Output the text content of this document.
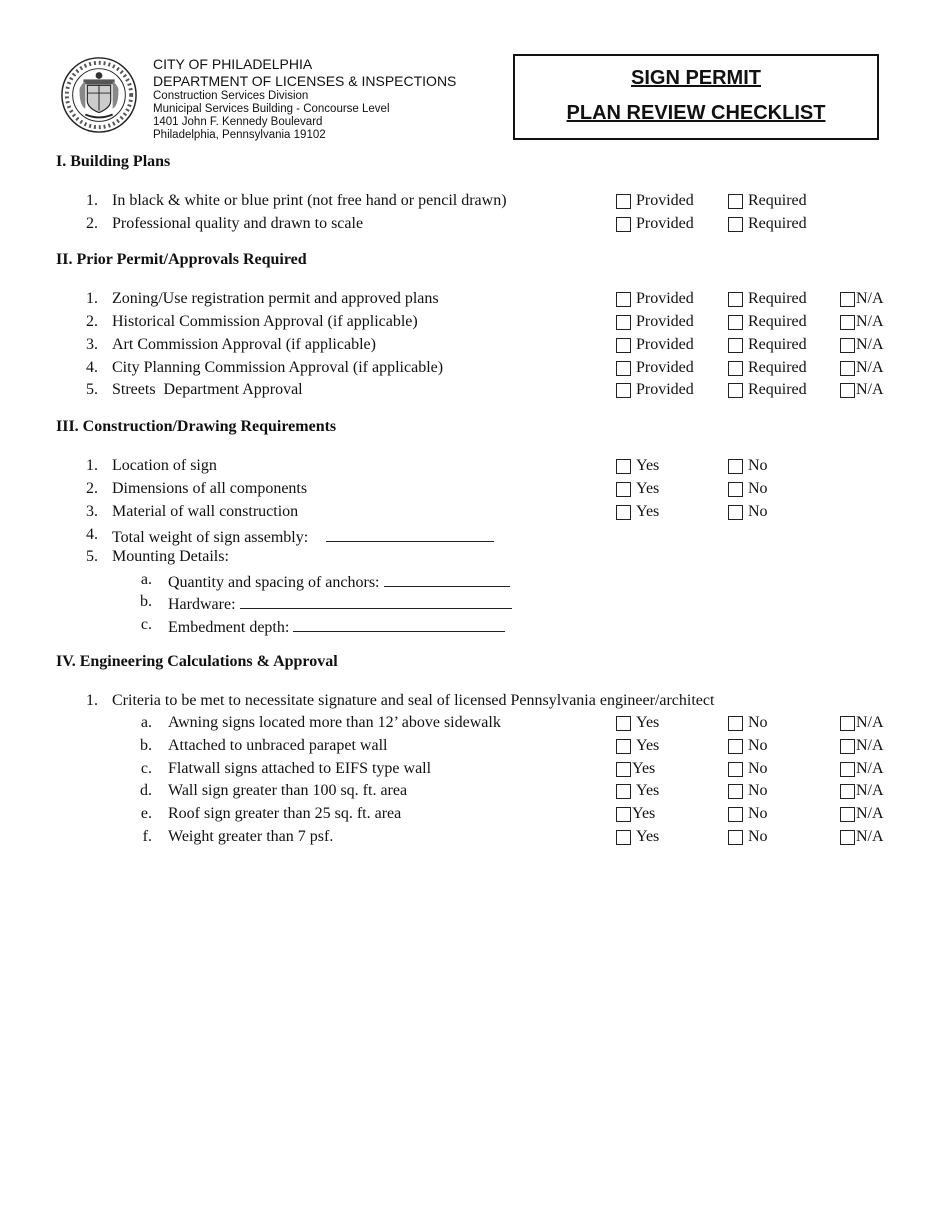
CITY OF PHILADELPHIA
DEPARTMENT OF LICENSES & INSPECTIONS
Construction Services Division
Municipal Services Building - Concourse Level
1401 John F. Kennedy Boulevard
Philadelphia, Pennsylvania 19102
SIGN PERMIT
PLAN REVIEW CHECKLIST
I. Building Plans
1. In black & white or blue print (not free hand or pencil drawn)	Provided	Required
2. Professional quality and drawn to scale	Provided	Required
II. Prior Permit/Approvals Required
1. Zoning/Use registration permit and approved plans	Provided	Required	N/A
2. Historical Commission Approval (if applicable)	Provided	Required	N/A
3. Art Commission Approval (if applicable)	Provided	Required	N/A
4. City Planning Commission Approval (if applicable)	Provided	Required	N/A
5. Streets  Department Approval	Provided	Required	N/A
III. Construction/Drawing Requirements
1. Location of sign	Yes	No
2. Dimensions of all components	Yes	No
3. Material of wall construction	Yes	No
4. Total weight of sign assembly:
5. Mounting Details:
a. Quantity and spacing of anchors:
b. Hardware:
c. Embedment depth:
IV. Engineering Calculations & Approval
1. Criteria to be met to necessitate signature and seal of licensed Pennsylvania engineer/architect
a. Awning signs located more than 12’ above sidewalk	Yes	No	N/A
b. Attached to unbraced parapet wall	Yes	No	N/A
c. Flatwall signs attached to EIFS type wall	Yes	No	N/A
d. Wall sign greater than 100 sq. ft. area	Yes	No	N/A
e. Roof sign greater than 25 sq. ft. area	Yes	No	N/A
f. Weight greater than 7 psf.	Yes	No	N/A
